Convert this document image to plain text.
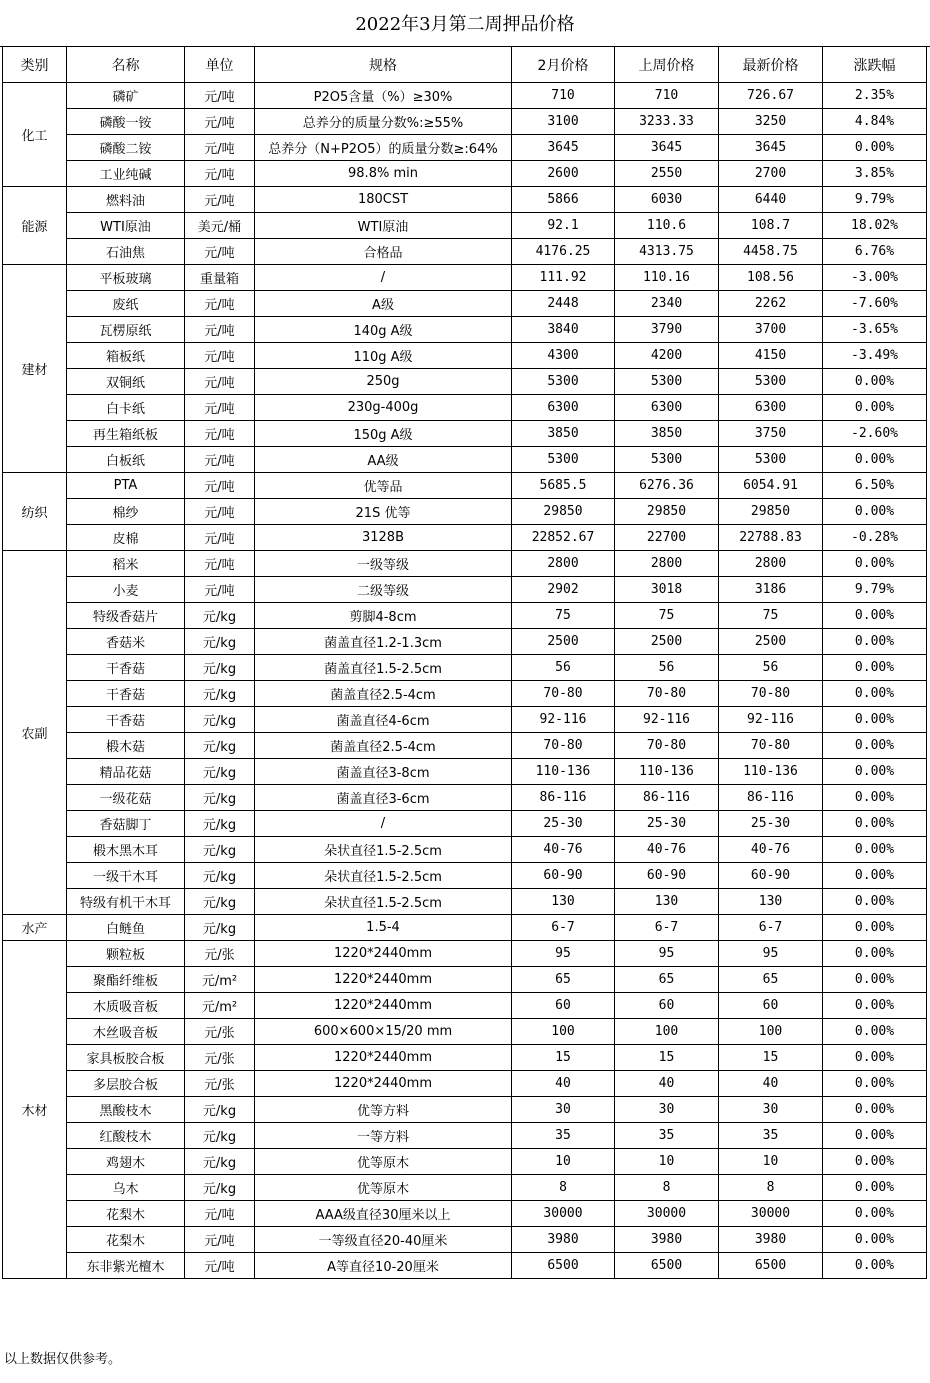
2022年3月第二周押品价格
类别	名称	单位	规格	2月价格	上周价格	最新价格	涨跌幅
化工	磷矿	元/吨	P2O5含量（%）≥30%	710	710	726.67	2.35%
	磷酸一铵	元/吨	总养分的质量分数%:≥55%	3100	3233.33	3250	4.84%
	磷酸二铵	元/吨	总养分（N+P2O5）的质量分数≥:64%	3645	3645	3645	0.00%
	工业纯碱	元/吨	98.8% min	2600	2550	2700	3.85%
能源	燃料油	元/吨	180CST	5866	6030	6440	9.79%
	WTI原油	美元/桶	WTI原油	92.1	110.6	108.7	18.02%
	石油焦	元/吨	合格品	4176.25	4313.75	4458.75	6.76%
建材	平板玻璃	重量箱	/	111.92	110.16	108.56	-3.00%
	废纸	元/吨	A级	2448	2340	2262	-7.60%
	瓦楞原纸	元/吨	140g A级	3840	3790	3700	-3.65%
	箱板纸	元/吨	110g A级	4300	4200	4150	-3.49%
	双铜纸	元/吨	250g	5300	5300	5300	0.00%
	白卡纸	元/吨	230g-400g	6300	6300	6300	0.00%
	再生箱纸板	元/吨	150g A级	3850	3850	3750	-2.60%
	白板纸	元/吨	AA级	5300	5300	5300	0.00%
纺织	PTA	元/吨	优等品	5685.5	6276.36	6054.91	6.50%
	棉纱	元/吨	21S 优等	29850	29850	29850	0.00%
	皮棉	元/吨	3128B	22852.67	22700	22788.83	-0.28%
农副	稻米	元/吨	一级等级	2800	2800	2800	0.00%
	小麦	元/吨	二级等级	2902	3018	3186	9.79%
	特级香菇片	元/kg	剪脚4-8cm	75	75	75	0.00%
	香菇米	元/kg	菌盖直径1.2-1.3cm	2500	2500	2500	0.00%
	干香菇	元/kg	菌盖直径1.5-2.5cm	56	56	56	0.00%
	干香菇	元/kg	菌盖直径2.5-4cm	70-80	70-80	70-80	0.00%
	干香菇	元/kg	菌盖直径4-6cm	92-116	92-116	92-116	0.00%
	椴木菇	元/kg	菌盖直径2.5-4cm	70-80	70-80	70-80	0.00%
	精品花菇	元/kg	菌盖直径3-8cm	110-136	110-136	110-136	0.00%
	一级花菇	元/kg	菌盖直径3-6cm	86-116	86-116	86-116	0.00%
	香菇脚丁	元/kg	/	25-30	25-30	25-30	0.00%
	椴木黑木耳	元/kg	朵状直径1.5-2.5cm	40-76	40-76	40-76	0.00%
	一级干木耳	元/kg	朵状直径1.5-2.5cm	60-90	60-90	60-90	0.00%
	特级有机干木耳	元/kg	朵状直径1.5-2.5cm	130	130	130	0.00%
水产	白鲢鱼	元/kg	1.5-4	6-7	6-7	6-7	0.00%
木材	颗粒板	元/张	1220*2440mm	95	95	95	0.00%
	聚酯纤维板	元/m²	1220*2440mm	65	65	65	0.00%
	木质吸音板	元/m²	1220*2440mm	60	60	60	0.00%
	木丝吸音板	元/张	600×600×15/20 mm	100	100	100	0.00%
	家具板胶合板	元/张	1220*2440mm	15	15	15	0.00%
	多层胶合板	元/张	1220*2440mm	40	40	40	0.00%
	黑酸枝木	元/kg	优等方料	30	30	30	0.00%
	红酸枝木	元/kg	一等方料	35	35	35	0.00%
	鸡翅木	元/kg	优等原木	10	10	10	0.00%
	乌木	元/kg	优等原木	8	8	8	0.00%
	花梨木	元/吨	AAA级直径30厘米以上	30000	30000	30000	0.00%
	花梨木	元/吨	一等级直径20-40厘米	3980	3980	3980	0.00%
	东非紫光檀木	元/吨	A等直径10-20厘米	6500	6500	6500	0.00%
以上数据仅供参考。
